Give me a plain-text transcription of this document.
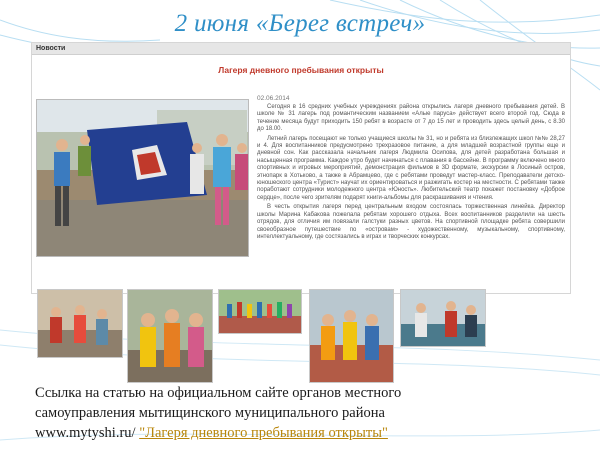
2 июня «Берег встреч»
Новости
Лагеря дневного пребывания открыты
02.06.2014

Сегодня в 16 средних учебных учреждениях района открылись лагеря дневного пребывания детей. В школе № 31 лагерь под романтическим названием «Алые паруса» действует всего второй год. Сюда в течение месяца будут приходить 150 ребят в возрасте от 7 до 15 лет и проводить здесь целый день, с 8.30 до 18.00.

Летний лагерь посещают не только учащиеся школы № 31, но и ребята из близлежащих школ №№ 28,27 и 4. Для воспитанников предусмотрено трехразовое питание, а для младшей возрастной группы еще и дневной сон. Как рассказала начальник лагеря Людмила Осипова, для детей разработана большая и насыщенная программа. Каждое утро будет начинаться с плавания в бассейне. В программу включено много спортивных и игровых мероприятий, демонстрация фильмов в 3D формате, экскурсии в Лосиный остров, этнопарк в Хотьково, а также в Абрамцево, где с ребятами проведут мастер-класс. Преподаватели детско-юношеского центра «Турист» научат их ориентироваться и разжигать костер на местности. С ребятами также поработают сотрудники молодежного центра «Юность». Любительский театр покажет постановку «Доброе сердце», после чего зрителям подарят книги-альбомы для раскрашивания и чтения.

В честь открытия лагеря перед центральным входом состоялась торжественная линейка. Директор школы Марина Кабакова пожелала ребятам хорошего отдыха. Всех воспитанников разделили на шесть отрядов, для отличия им повязали галстуки разных цветов. На спортивной площадке ребята совершили своеобразное путешествие по «островам» - художественному, музыкальному, спортивному, интеллектуальному, где состязались в играх и творческих конкурсах.

Ссылка на статью на официальном сайте органов местного
самоуправления мытищинского муниципального района
www.mytyshi.ru/ "Лагеря дневного пребывания открыты"
